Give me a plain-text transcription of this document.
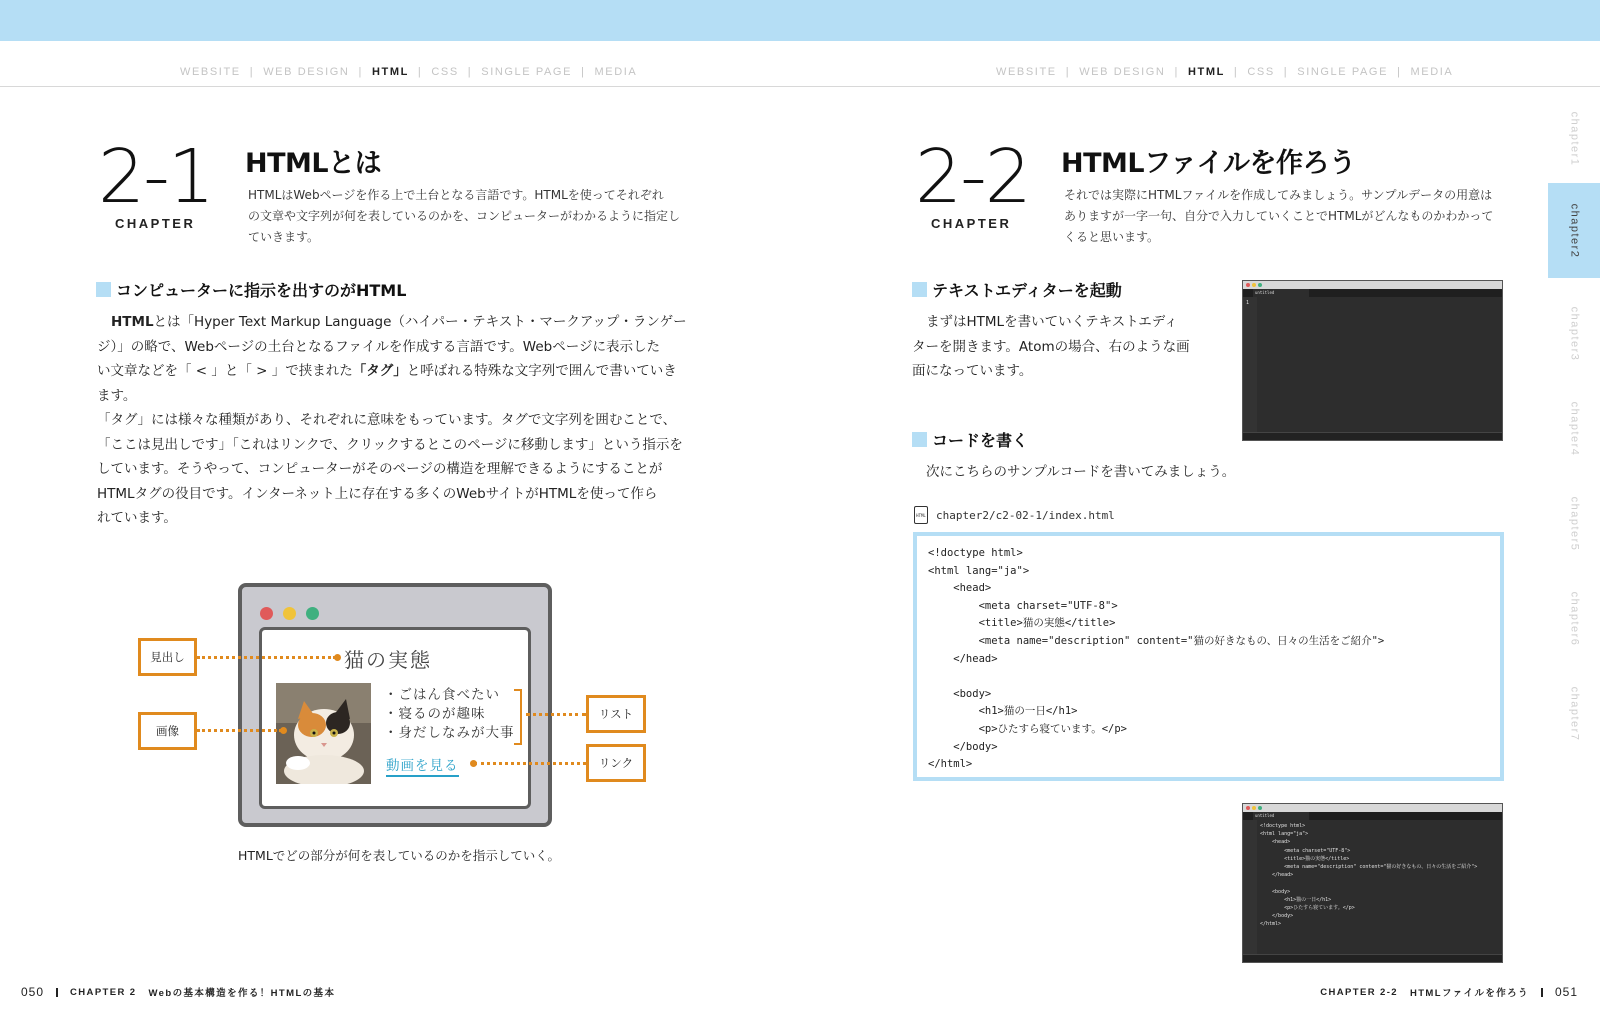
WEBSITE | WEB DESIGN | HTML | CSS | SINGLE PAGE | MEDIA	WEBSITE | WEB DESIGN | HTML | CSS | SINGLE PAGE | MEDIA
2-1
CHAPTER
HTMLとは
HTMLはWebページを作る上で土台となる言語です。HTMLを使ってそれぞれ
の文章や文字列が何を表しているのかを、コンピューターがわかるように指定し
ていきます。
コンピューターに指示を出すのがHTML

HTMLとは「Hyper Text Markup Language（ハイパー・テキスト・マークアップ・ランゲー
ジ）」の略で、Webページの土台となるファイルを作成する言語です。Webページに表示した
い文章などを「 < 」と「 > 」で挟まれた「タグ」と呼ばれる特殊な文字列で囲んで書いていき
ます。

「タグ」には様々な種類があり、それぞれに意味をもっています。タグで文字列を囲むことで、
「ここは見出しです」「これはリンクで、クリックするとこのページに移動します」という指示を
しています。そうやって、コンピューターがそのページの構造を理解できるようにすることが
HTMLタグの役目です。インターネット上に存在する多くのWebサイトがHTMLを使って作ら
れています。

猫の実態
・ごはん食べたい
・寝るのが趣味
・身だしなみが大事
動画を見る
見出し
画像
リスト
リンク
HTMLでどの部分が何を表しているのかを指示していく。
050	CHAPTER 2 Webの基本構造を作る！HTMLの基本
2-2
CHAPTER
HTMLファイルを作ろう
それでは実際にHTMLファイルを作成してみましょう。サンプルデータの用意は
ありますが一字一句、自分で入力していくことでHTMLがどんなものかわかって
くると思います。
テキストエディターを起動
まずはHTMLを書いていくテキストエディ
ターを開きます。Atomの場合、右のような画
面になっています。
untitled
1
コードを書く
次にこちらのサンプルコードを書いてみましょう。
HTML chapter2/c2-02-1/index.html
<!doctype html>
<html lang="ja">
<head>
<meta charset="UTF-8">
<title>猫の実態</title>
<meta name="description" content="猫の好きなもの、日々の生活をご紹介">
</head>

<body>
<h1>猫の一日</h1>
<p>ひたすら寝ています。</p>
</body>
</html>
untitled
<!doctype html>
<html lang="ja">
<head>
<meta charset="UTF-8">
<title>猫の実態</title>
<meta name="description" content="猫の好きなもの、日々の生活をご紹介">
</head>

<body>
<h1>猫の一日</h1>
<p>ひたすら寝ています。</p>
</body>
</html>
chapter1
chapter2
chapter3
chapter4
chapter5
chapter6
chapter7
CHAPTER 2-2 HTMLファイルを作ろう 051
